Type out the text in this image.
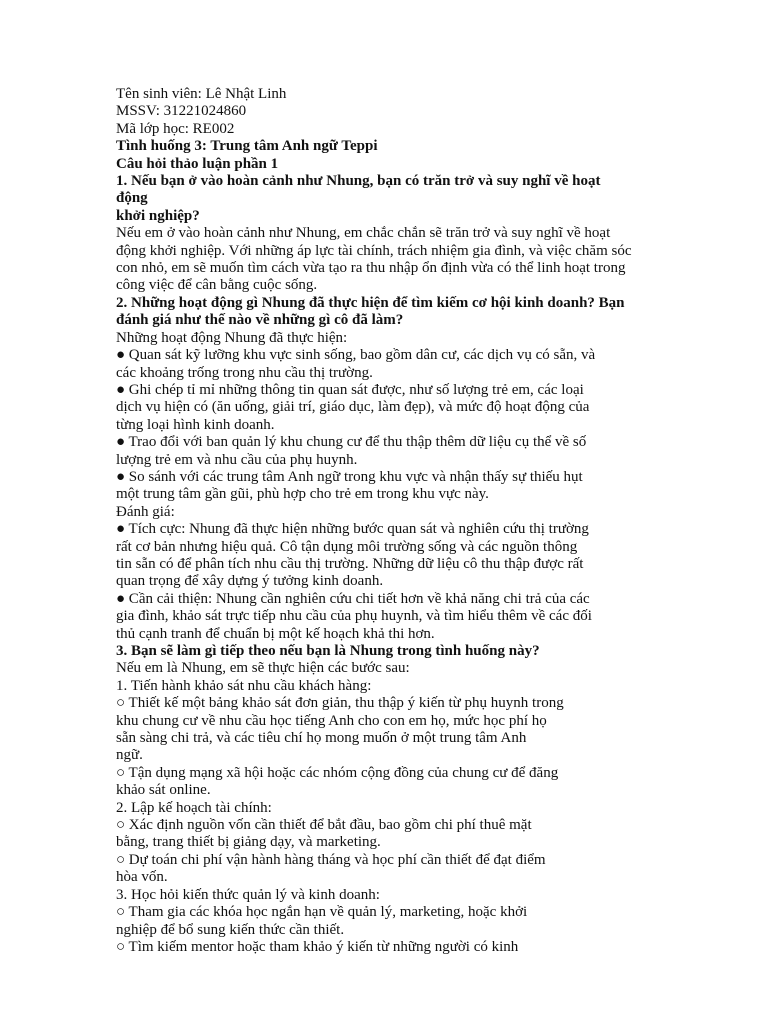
Tên sinh viên: Lê Nhật Linh
MSSV: 31221024860
Mã lớp học: RE002
Tình huống 3: Trung tâm Anh ngữ Teppi
Câu hỏi thảo luận phần 1
1. Nếu bạn ở vào hoàn cảnh như Nhung, bạn có trăn trở và suy nghĩ về hoạt
động
khởi nghiệp?
Nếu em ở vào hoàn cảnh như Nhung, em chắc chắn sẽ trăn trở và suy nghĩ về hoạt
động khởi nghiệp. Với những áp lực tài chính, trách nhiệm gia đình, và việc chăm sóc
con nhỏ, em sẽ muốn tìm cách vừa tạo ra thu nhập ổn định vừa có thể linh hoạt trong
công việc để cân bằng cuộc sống.
2. Những hoạt động gì Nhung đã thực hiện để tìm kiếm cơ hội kinh doanh? Bạn
đánh giá như thế nào về những gì cô đã làm?
Những hoạt động Nhung đã thực hiện:
● Quan sát kỹ lưỡng khu vực sinh sống, bao gồm dân cư, các dịch vụ có sẵn, và
các khoảng trống trong nhu cầu thị trường.
● Ghi chép tỉ mỉ những thông tin quan sát được, như số lượng trẻ em, các loại
dịch vụ hiện có (ăn uống, giải trí, giáo dục, làm đẹp), và mức độ hoạt động của
từng loại hình kinh doanh.
● Trao đổi với ban quản lý khu chung cư để thu thập thêm dữ liệu cụ thể về số
lượng trẻ em và nhu cầu của phụ huynh.
● So sánh với các trung tâm Anh ngữ trong khu vực và nhận thấy sự thiếu hụt
một trung tâm gần gũi, phù hợp cho trẻ em trong khu vực này.
Đánh giá:
● Tích cực: Nhung đã thực hiện những bước quan sát và nghiên cứu thị trường
rất cơ bản nhưng hiệu quả. Cô tận dụng môi trường sống và các nguồn thông
tin sẵn có để phân tích nhu cầu thị trường. Những dữ liệu cô thu thập được rất
quan trọng để xây dựng ý tưởng kinh doanh.
● Cần cải thiện: Nhung cần nghiên cứu chi tiết hơn về khả năng chi trả của các
gia đình, khảo sát trực tiếp nhu cầu của phụ huynh, và tìm hiểu thêm về các đối
thủ cạnh tranh để chuẩn bị một kế hoạch khả thi hơn.
3. Bạn sẽ làm gì tiếp theo nếu bạn là Nhung trong tình huống này?
Nếu em là Nhung, em sẽ thực hiện các bước sau:
1. Tiến hành khảo sát nhu cầu khách hàng:
○ Thiết kế một bảng khảo sát đơn giản, thu thập ý kiến từ phụ huynh trong
khu chung cư về nhu cầu học tiếng Anh cho con em họ, mức học phí họ
sẵn sàng chi trả, và các tiêu chí họ mong muốn ở một trung tâm Anh
ngữ.
○ Tận dụng mạng xã hội hoặc các nhóm cộng đồng của chung cư để đăng
khảo sát online.
2. Lập kế hoạch tài chính:
○ Xác định nguồn vốn cần thiết để bắt đầu, bao gồm chi phí thuê mặt
bằng, trang thiết bị giảng dạy, và marketing.
○ Dự toán chi phí vận hành hàng tháng và học phí cần thiết để đạt điểm
hòa vốn.
3. Học hỏi kiến thức quản lý và kinh doanh:
○ Tham gia các khóa học ngắn hạn về quản lý, marketing, hoặc khởi
nghiệp để bổ sung kiến thức cần thiết.
○ Tìm kiếm mentor hoặc tham khảo ý kiến từ những người có kinh
